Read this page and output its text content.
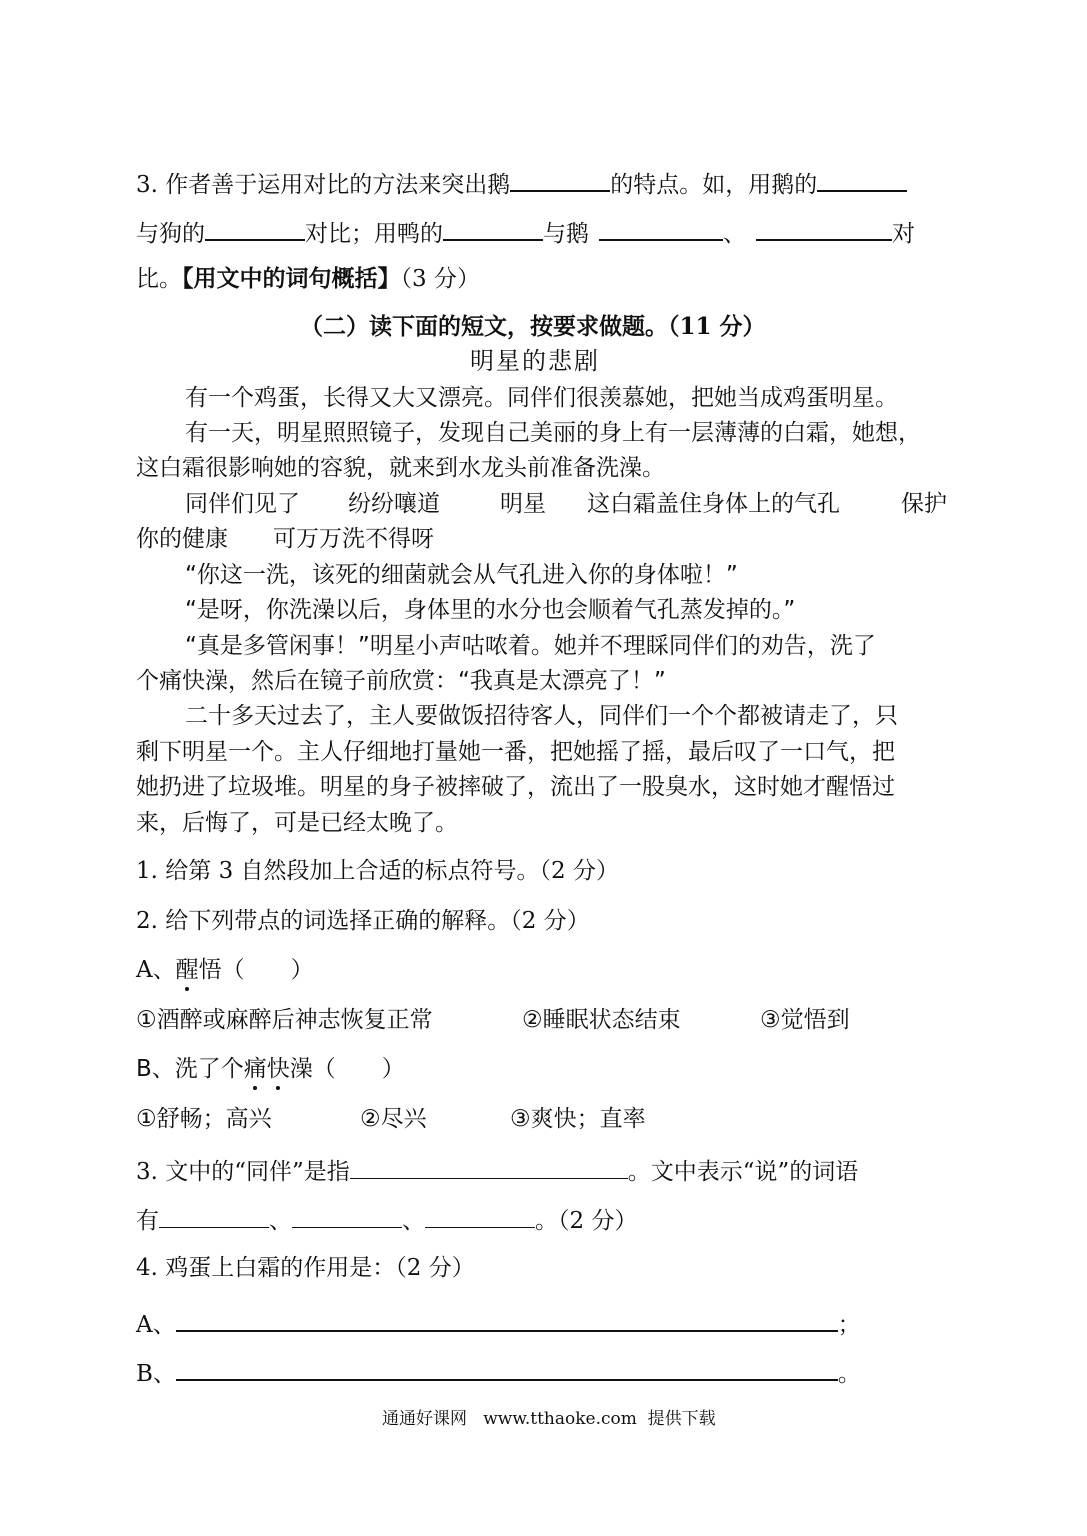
3. 作者善于运用对比的方法来突出鹅	的特点。如，用鹅的
与狗的	对比；用鸭的	与鹅	、	对
比。【用文中的词句概括】（3 分）
（二）读下面的短文，按要求做题。（11 分）
明星的悲剧
有一个鸡蛋，长得又大又漂亮。同伴们很羡慕她，把她当成鸡蛋明星。
有一天，明星照照镜子，发现自己美丽的身上有一层薄薄的白霜，她想，
这白霜很影响她的容貌，就来到水龙头前准备洗澡。
同伴们见了 纷纷嚷道	明星 这白霜盖住身体上的气孔	保护
你的健康 可万万洗不得呀
“你这一洗，该死的细菌就会从气孔进入你的身体啦！”
“是呀，你洗澡以后，身体里的水分也会顺着气孔蒸发掉的。”
“真是多管闲事！”明星小声咕哝着。她并不理睬同伴们的劝告，洗了
个痛快澡，然后在镜子前欣赏：“我真是太漂亮了！”
二十多天过去了，主人要做饭招待客人，同伴们一个个都被请走了，只
剩下明星一个。主人仔细地打量她一番，把她摇了摇，最后叹了一口气，把
她扔进了垃圾堆。明星的身子被摔破了，流出了一股臭水，这时她才醒悟过
来，后悔了，可是已经太晚了。
1. 给第 3 自然段加上合适的标点符号。（2 分）
2. 给下列带点的词选择正确的解释。（2 分）
A、醒悟（　　）
①酒醉或麻醉后神志恢复正常	②睡眠状态结束	③觉悟到
B、洗了个痛快澡（　　）
①舒畅；高兴	②尽兴	③爽快；直率
3. 文中的“同伴”是指	。文中表示“说”的词语
有	、	、	。（2 分）
4. 鸡蛋上白霜的作用是：（2 分）
A、	；
B、	。
通通好课网   www.tthaoke.com  提供下载
